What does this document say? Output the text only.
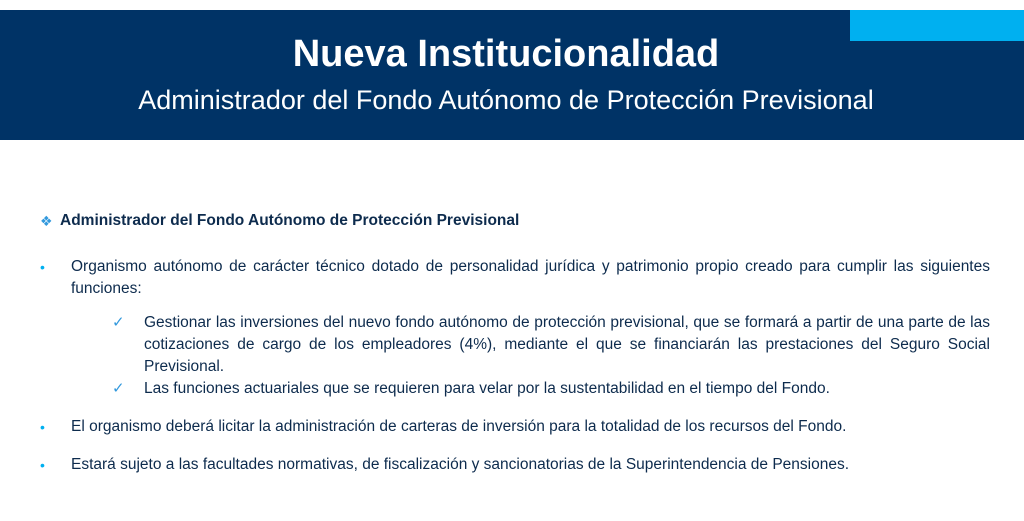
Nueva Institucionalidad
Administrador del Fondo Autónomo de Protección Previsional
❖ Administrador del Fondo Autónomo de Protección Previsional
•	Organismo autónomo de carácter técnico dotado de personalidad jurídica y patrimonio propio creado para cumplir las siguientes funciones:
✓	Gestionar las inversiones del nuevo fondo autónomo de protección previsional, que se formará a partir de una parte de las cotizaciones de cargo de los empleadores (4%), mediante el que se financiarán las prestaciones del Seguro Social Previsional.
✓	Las funciones actuariales que se requieren para velar por la sustentabilidad en el tiempo del Fondo.
•	El organismo deberá licitar la administración de carteras de inversión para la totalidad de los recursos del Fondo.
•	Estará sujeto a las facultades normativas, de fiscalización y sancionatorias de la Superintendencia de Pensiones.
